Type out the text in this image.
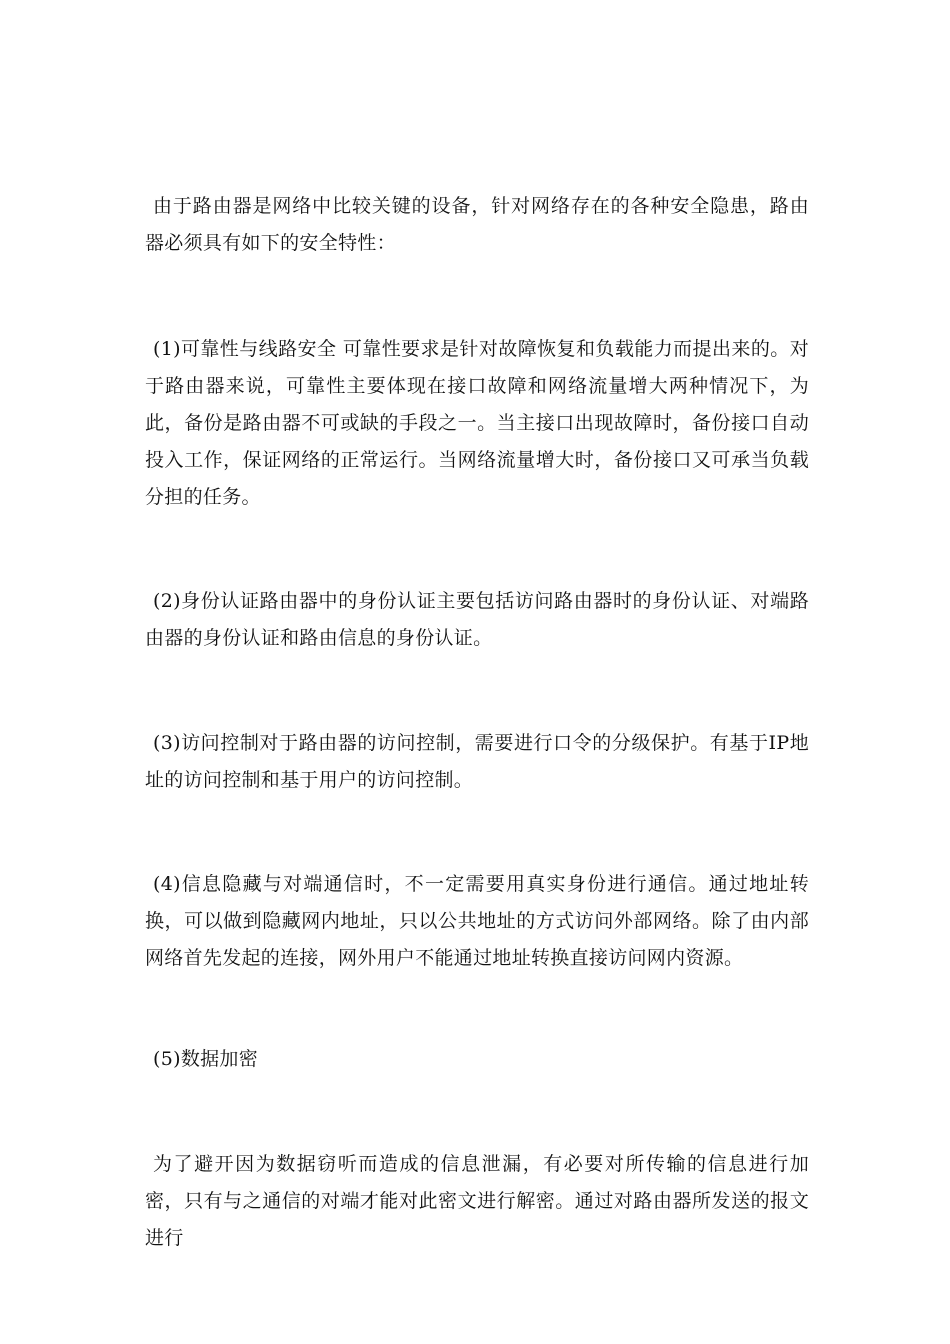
由于路由器是网络中比较关键的设备，针对网络存在的各种安全隐患，路由器必须具有如下的安全特性：

(1)可靠性与线路安全 可靠性要求是针对故障恢复和负载能力而提出来的。对于路由器来说，可靠性主要体现在接口故障和网络流量增大两种情况下，为此，备份是路由器不可或缺的手段之一。当主接口出现故障时，备份接口自动投入工作，保证网络的正常运行。当网络流量增大时，备份接口又可承当负载分担的任务。

(2)身份认证路由器中的身份认证主要包括访问路由器时的身份认证、对端路由器的身份认证和路由信息的身份认证。

(3)访问控制对于路由器的访问控制，需要进行口令的分级保护。有基于IP地址的访问控制和基于用户的访问控制。

(4)信息隐藏与对端通信时，不一定需要用真实身份进行通信。通过地址转换，可以做到隐藏网内地址，只以公共地址的方式访问外部网络。除了由内部网络首先发起的连接，网外用户不能通过地址转换直接访问网内资源。

(5)数据加密

为了避开因为数据窃听而造成的信息泄漏，有必要对所传输的信息进行加密，只有与之通信的对端才能对此密文进行解密。通过对路由器所发送的报文进行
